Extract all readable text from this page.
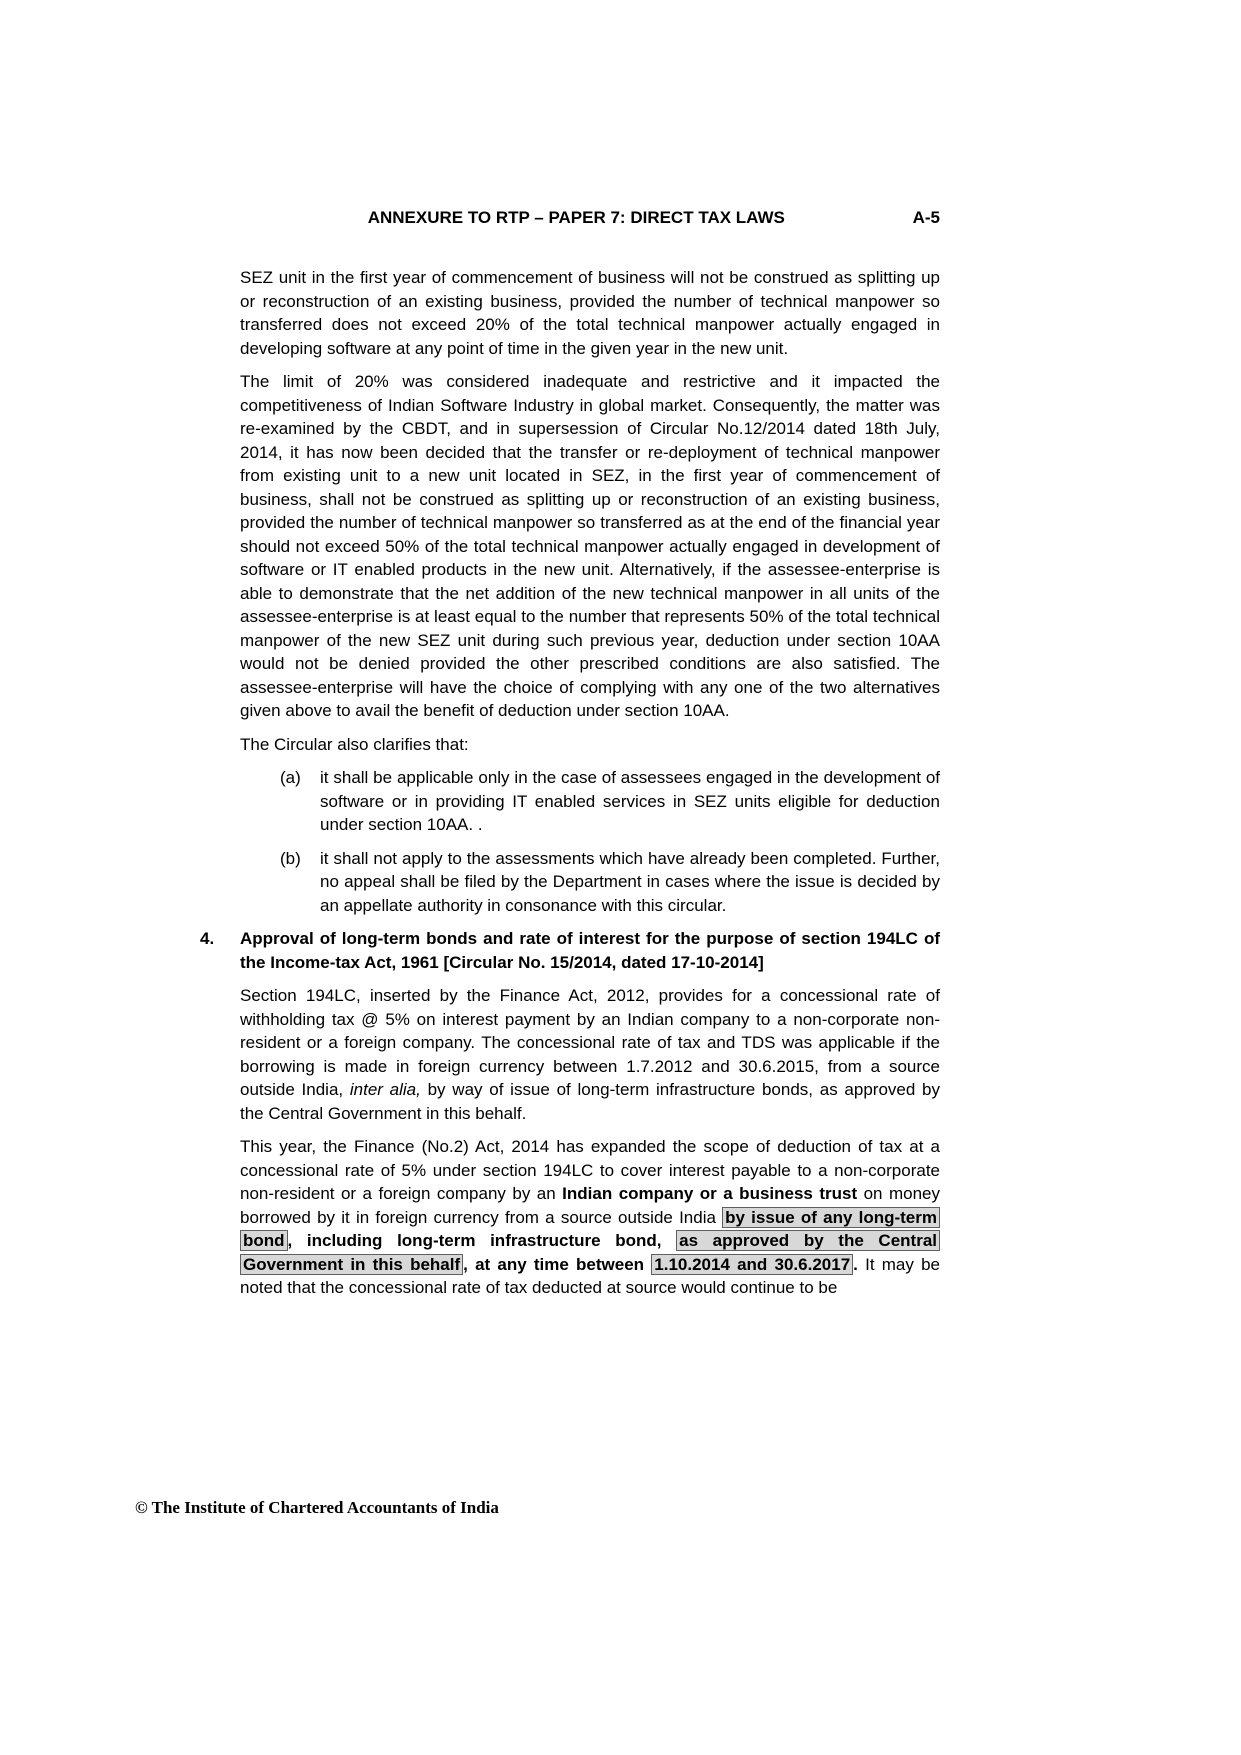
ANNEXURE TO RTP – PAPER 7: DIRECT TAX LAWS	A-5

SEZ unit in the first year of commencement of business will not be construed as splitting up or reconstruction of an existing business, provided the number of technical manpower so transferred does not exceed 20% of the total technical manpower actually engaged in developing software at any point of time in the given year in the new unit.

The limit of 20% was considered inadequate and restrictive and it impacted the competitiveness of Indian Software Industry in global market. Consequently, the matter was re-examined by the CBDT, and in supersession of Circular No.12/2014 dated 18th July, 2014, it has now been decided that the transfer or re-deployment of technical manpower from existing unit to a new unit located in SEZ, in the first year of commencement of business, shall not be construed as splitting up or reconstruction of an existing business, provided the number of technical manpower so transferred as at the end of the financial year should not exceed 50% of the total technical manpower actually engaged in development of software or IT enabled products in the new unit. Alternatively, if the assessee-enterprise is able to demonstrate that the net addition of the new technical manpower in all units of the assessee-enterprise is at least equal to the number that represents 50% of the total technical manpower of the new SEZ unit during such previous year, deduction under section 10AA would not be denied provided the other prescribed conditions are also satisfied. The assessee-enterprise will have the choice of complying with any one of the two alternatives given above to avail the benefit of deduction under section 10AA.

The Circular also clarifies that:

(a)	it shall be applicable only in the case of assessees engaged in the development of software or in providing IT enabled services in SEZ units eligible for deduction under section 10AA. .
(b)	it shall not apply to the assessments which have already been completed. Further, no appeal shall be filed by the Department in cases where the issue is decided by an appellate authority in consonance with this circular.
4.	Approval of long-term bonds and rate of interest for the purpose of section 194LC of the Income-tax Act, 1961 [Circular No. 15/2014, dated 17-10-2014]

Section 194LC, inserted by the Finance Act, 2012, provides for a concessional rate of withholding tax @ 5% on interest payment by an Indian company to a non-corporate non-resident or a foreign company. The concessional rate of tax and TDS was applicable if the borrowing is made in foreign currency between 1.7.2012 and 30.6.2015, from a source outside India, inter alia, by way of issue of long-term infrastructure bonds, as approved by the Central Government in this behalf.

This year, the Finance (No.2) Act, 2014 has expanded the scope of deduction of tax at a concessional rate of 5% under section 194LC to cover interest payable to a non-corporate non-resident or a foreign company by an Indian company or a business trust on money borrowed by it in foreign currency from a source outside India by issue of any long-term bond , including long-term infrastructure bond, as approved by the Central Government in this behalf , at any time between 1.10.2014 and 30.6.2017 . It may be noted that the concessional rate of tax deducted at source would continue to be

© The Institute of Chartered Accountants of India
